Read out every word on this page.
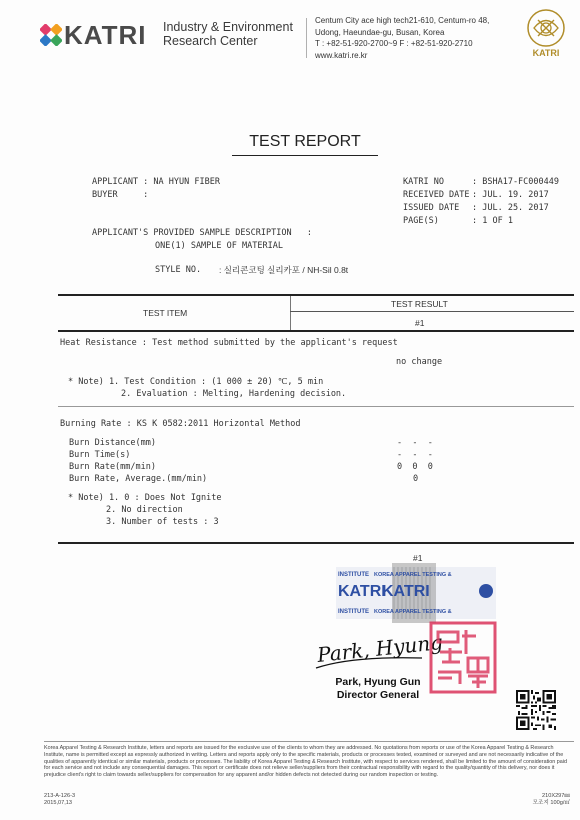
KATRI Industry & Environment
Research Center
Centum City ace high tech21-610, Centum-ro 48,
Udong, Haeundae-gu, Busan, Korea
T : +82-51-920-2700~9 F : +82-51-920-2710
www.katri.re.kr	KATRI
TEST REPORT
APPLICANT : NA HYUN FIBER
BUYER     :
APPLICANT'S PROVIDED SAMPLE DESCRIPTION   :
ONE(1) SAMPLE OF MATERIAL
STYLE NO. : 실리콘코팅 실리카포 / NH-Sil 0.8t
KATRI NO	: BSHA17-FC000449
RECEIVED DATE : JUL. 19. 2017
ISSUED DATE : JUL. 25. 2017
PAGE(S)	: 1 OF 1
TEST ITEM
TEST RESULT
#1
Heat Resistance : Test method submitted by the applicant's request
no change
* Note) 1. Test Condition : (1 000 ± 20) ℃, 5 min
2. Evaluation : Melting, Hardening decision.
Burning Rate : KS K 0582:2011 Horizontal Method
Burn Distance(mm)	-  -  -
Burn Time(s)	-  -  -
Burn Rate(mm/min)	0  0  0
Burn Rate, Average.(mm/min)	0
* Note) 1. 0 : Does Not Ignite
2. No direction
3. Number of tests : 3
#1
INSTITUTE
KATRI
INSTITUTE
KOREA APPAREL TESTING &
KATRI
KOREA APPAREL TESTING &
Park, Hyung
Park, Hyung Gun
Director General
Korea Apparel Testing & Research Institute, letters and reports are issued for the exclusive use of the clients to whom they are addressed. No quotations from reports or use of the Korea Apparel Testing & Research Institute, name is permitted except as expressly authorized in writing. Letters and reports apply only to the specific materials, products or processes tested, examined or surveyed and are not necessarily indicative of the qualities of apparently identical or similar materials, products or processes. The liability of Korea Apparel Testing & Research Institute, with respect to services rendered, shall be limited to the amount of consideration paid for each service and not include any consequential damages. This report or certificate does not relieve seller/suppliers from their contractual responsibility with regard to the quality/quantity of this delivery, nor does it prejudice client's right to claim towards seller/suppliers for compensation for any apparent and/or hidden defects not detected during our random inspection or testing.
213-A-126-3
2015,07,13
210X297㎜
모조지 100g/㎡
